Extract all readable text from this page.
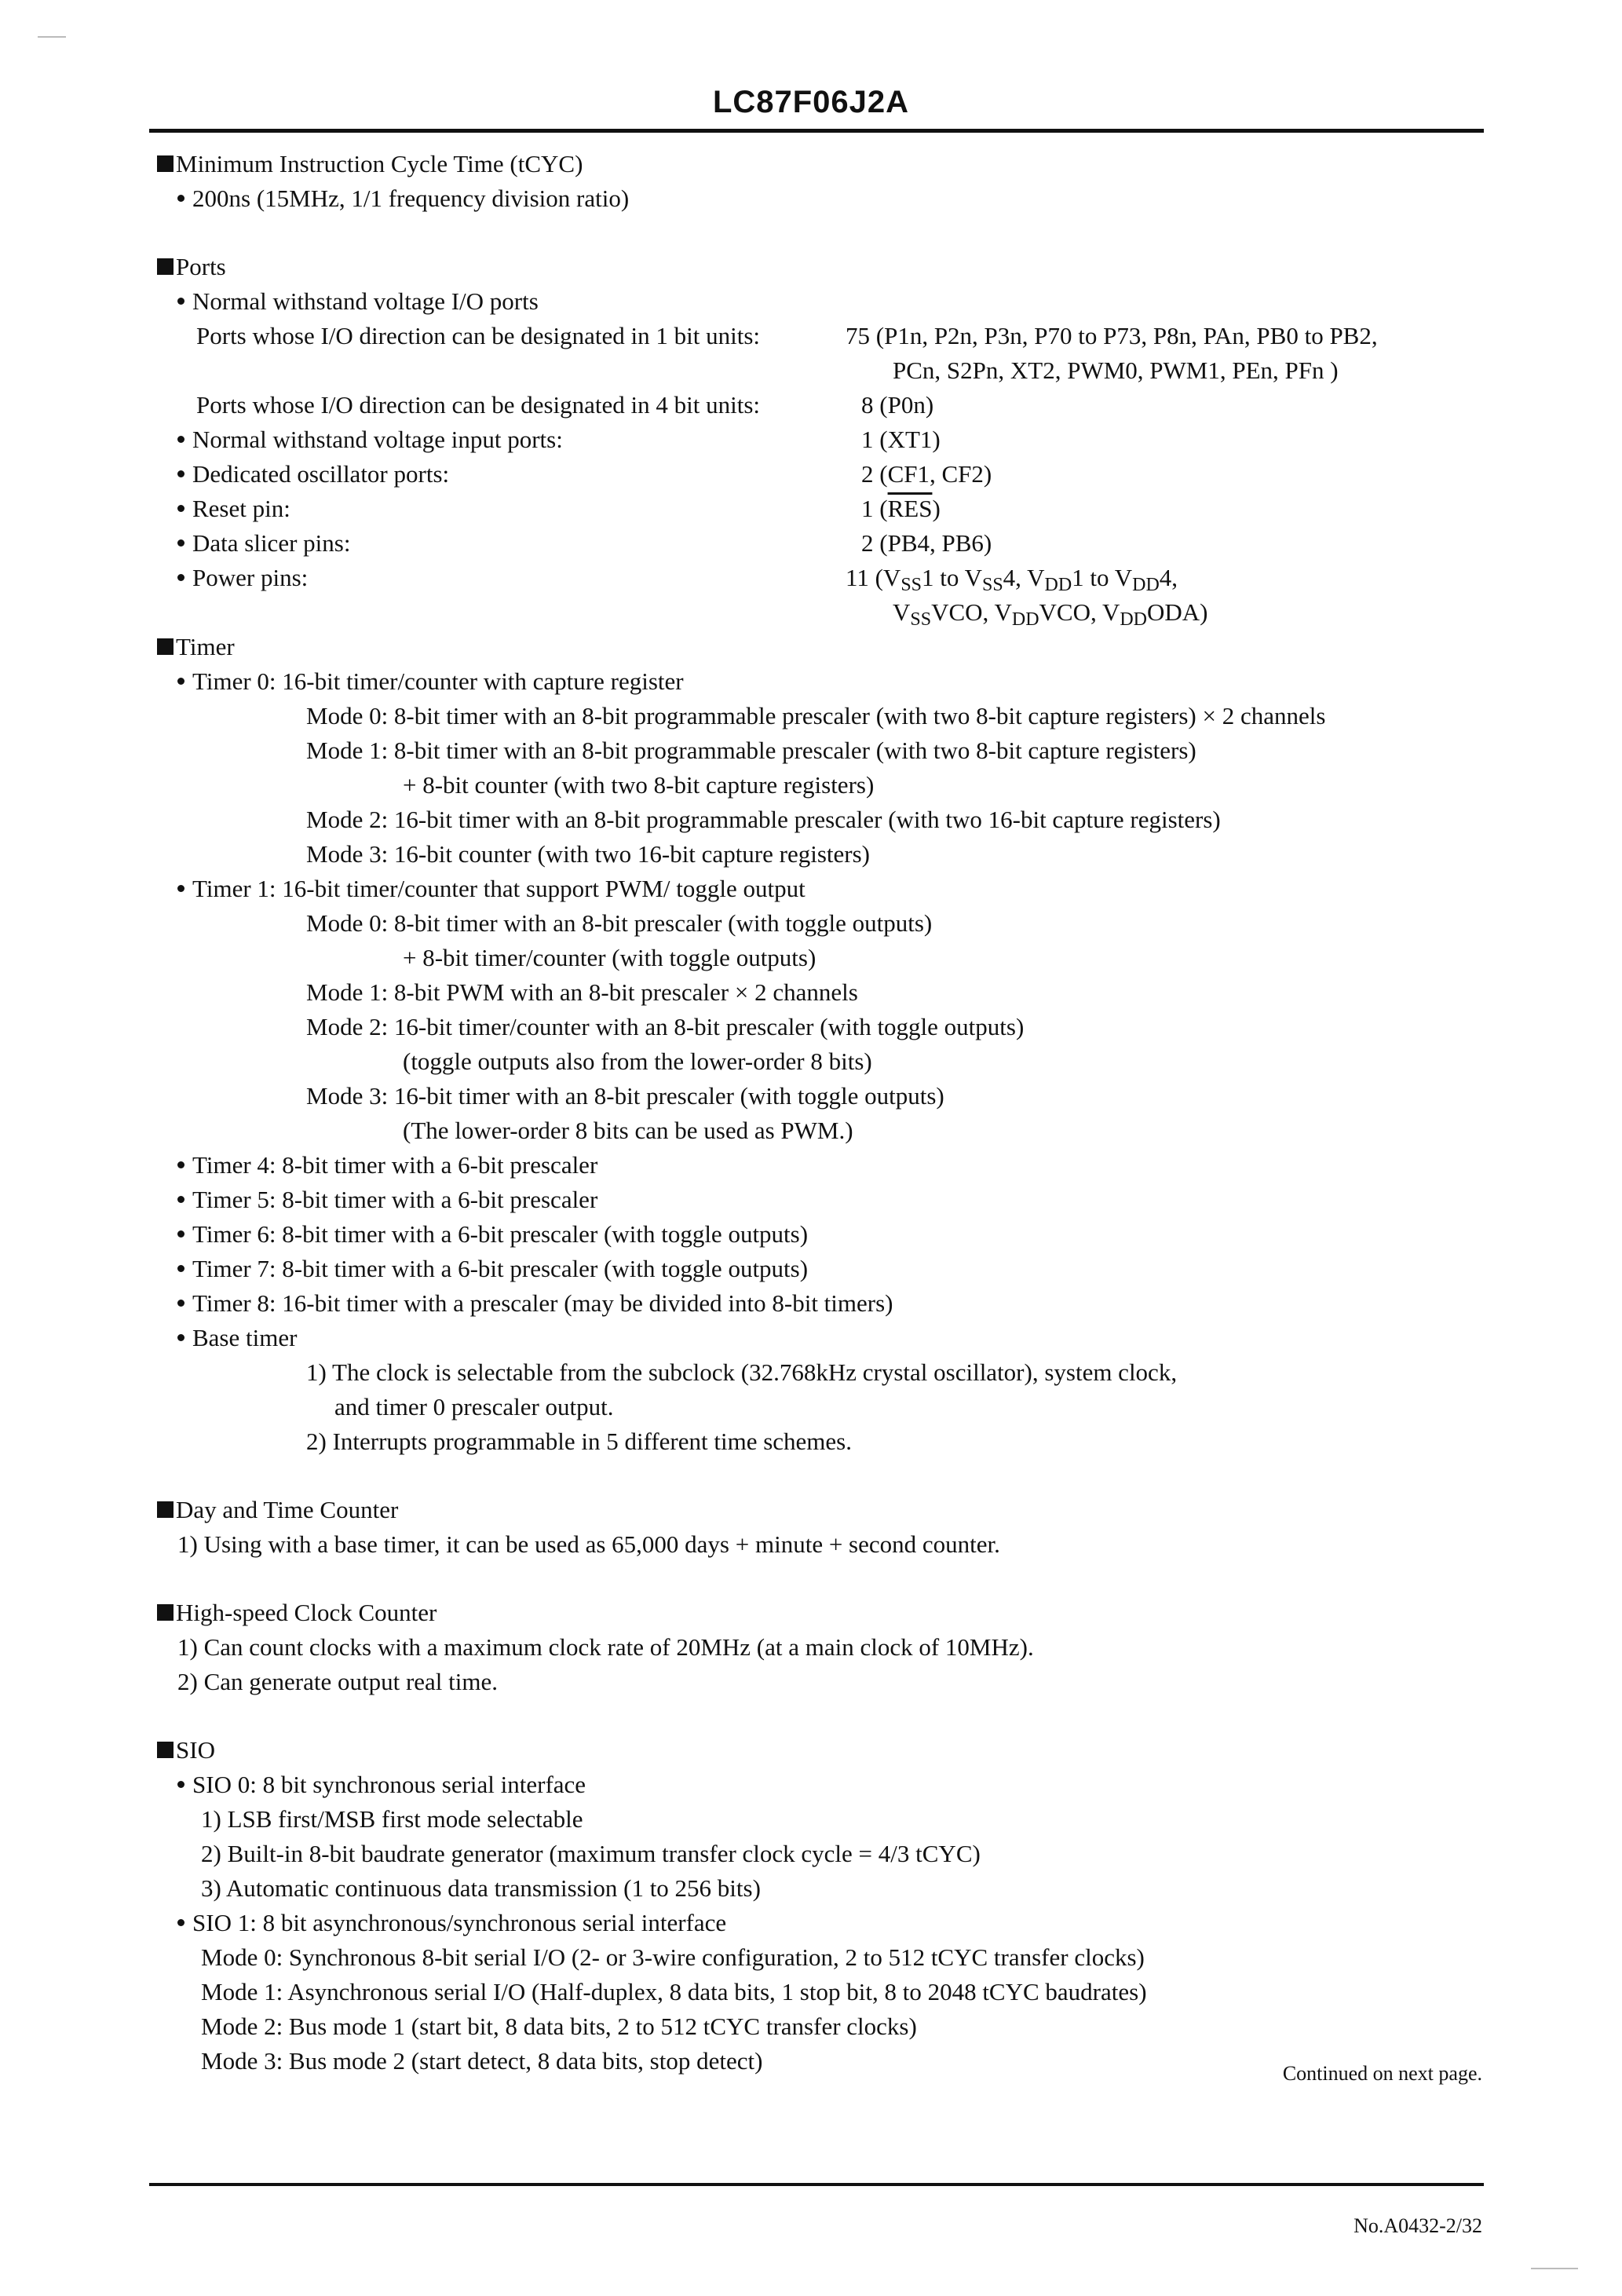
LC87F06J2A
Minimum Instruction Cycle Time (tCYC)
200ns (15MHz, 1/1 frequency division ratio)
Ports
Normal withstand voltage I/O ports
Ports whose I/O direction can be designated in 1 bit units:	75 (P1n, P2n, P3n, P70 to P73, P8n, PAn, PB0 to PB2,
PCn, S2Pn, XT2, PWM0, PWM1, PEn, PFn )
Ports whose I/O direction can be designated in 4 bit units:	8 (P0n)
Normal withstand voltage input ports:	1 (XT1)
Dedicated oscillator ports:	2 (CF1, CF2)
Reset pin:	1 $(\overline{RES})$
Data slicer pins:	2 (PB4, PB6)
Power pins:	11 ($V_{SS}1$ to $V_{SS}4$, $V_{DD}1$ to $V_{DD}4$,
$V_{SS}VCO$, $V_{DD}VCO$, $V_{DD}ODA$)
Timer
Timer 0: 16-bit timer/counter with capture register
Mode 0: 8-bit timer with an 8-bit programmable prescaler (with two 8-bit capture registers) × 2 channels
Mode 1: 8-bit timer with an 8-bit programmable prescaler (with two 8-bit capture registers)
+ 8-bit counter (with two 8-bit capture registers)
Mode 2: 16-bit timer with an 8-bit programmable prescaler (with two 16-bit capture registers)
Mode 3: 16-bit counter (with two 16-bit capture registers)
Timer 1: 16-bit timer/counter that support PWM/ toggle output
Mode 0: 8-bit timer with an 8-bit prescaler (with toggle outputs)
+ 8-bit timer/counter (with toggle outputs)
Mode 1: 8-bit PWM with an 8-bit prescaler × 2 channels
Mode 2: 16-bit timer/counter with an 8-bit prescaler (with toggle outputs)
(toggle outputs also from the lower-order 8 bits)
Mode 3: 16-bit timer with an 8-bit prescaler (with toggle outputs)
(The lower-order 8 bits can be used as PWM.)
Timer 4: 8-bit timer with a 6-bit prescaler
Timer 5: 8-bit timer with a 6-bit prescaler
Timer 6: 8-bit timer with a 6-bit prescaler (with toggle outputs)
Timer 7: 8-bit timer with a 6-bit prescaler (with toggle outputs)
Timer 8: 16-bit timer with a prescaler (may be divided into 8-bit timers)
Base timer
1) The clock is selectable from the subclock (32.768kHz crystal oscillator), system clock,
and timer 0 prescaler output.
2) Interrupts programmable in 5 different time schemes.
Day and Time Counter
1) Using with a base timer, it can be used as 65,000 days + minute + second counter.
High-speed Clock Counter
1) Can count clocks with a maximum clock rate of 20MHz (at a main clock of 10MHz).
2) Can generate output real time.
SIO
SIO 0: 8 bit synchronous serial interface
1) LSB first/MSB first mode selectable
2) Built-in 8-bit baudrate generator (maximum transfer clock cycle = 4/3 tCYC)
3) Automatic continuous data transmission (1 to 256 bits)
SIO 1: 8 bit asynchronous/synchronous serial interface
Mode 0: Synchronous 8-bit serial I/O (2- or 3-wire configuration, 2 to 512 tCYC transfer clocks)
Mode 1: Asynchronous serial I/O (Half-duplex, 8 data bits, 1 stop bit, 8 to 2048 tCYC baudrates)
Mode 2: Bus mode 1 (start bit, 8 data bits, 2 to 512 tCYC transfer clocks)
Mode 3: Bus mode 2 (start detect, 8 data bits, stop detect)	Continued on next page.
No.A0432-2/32
